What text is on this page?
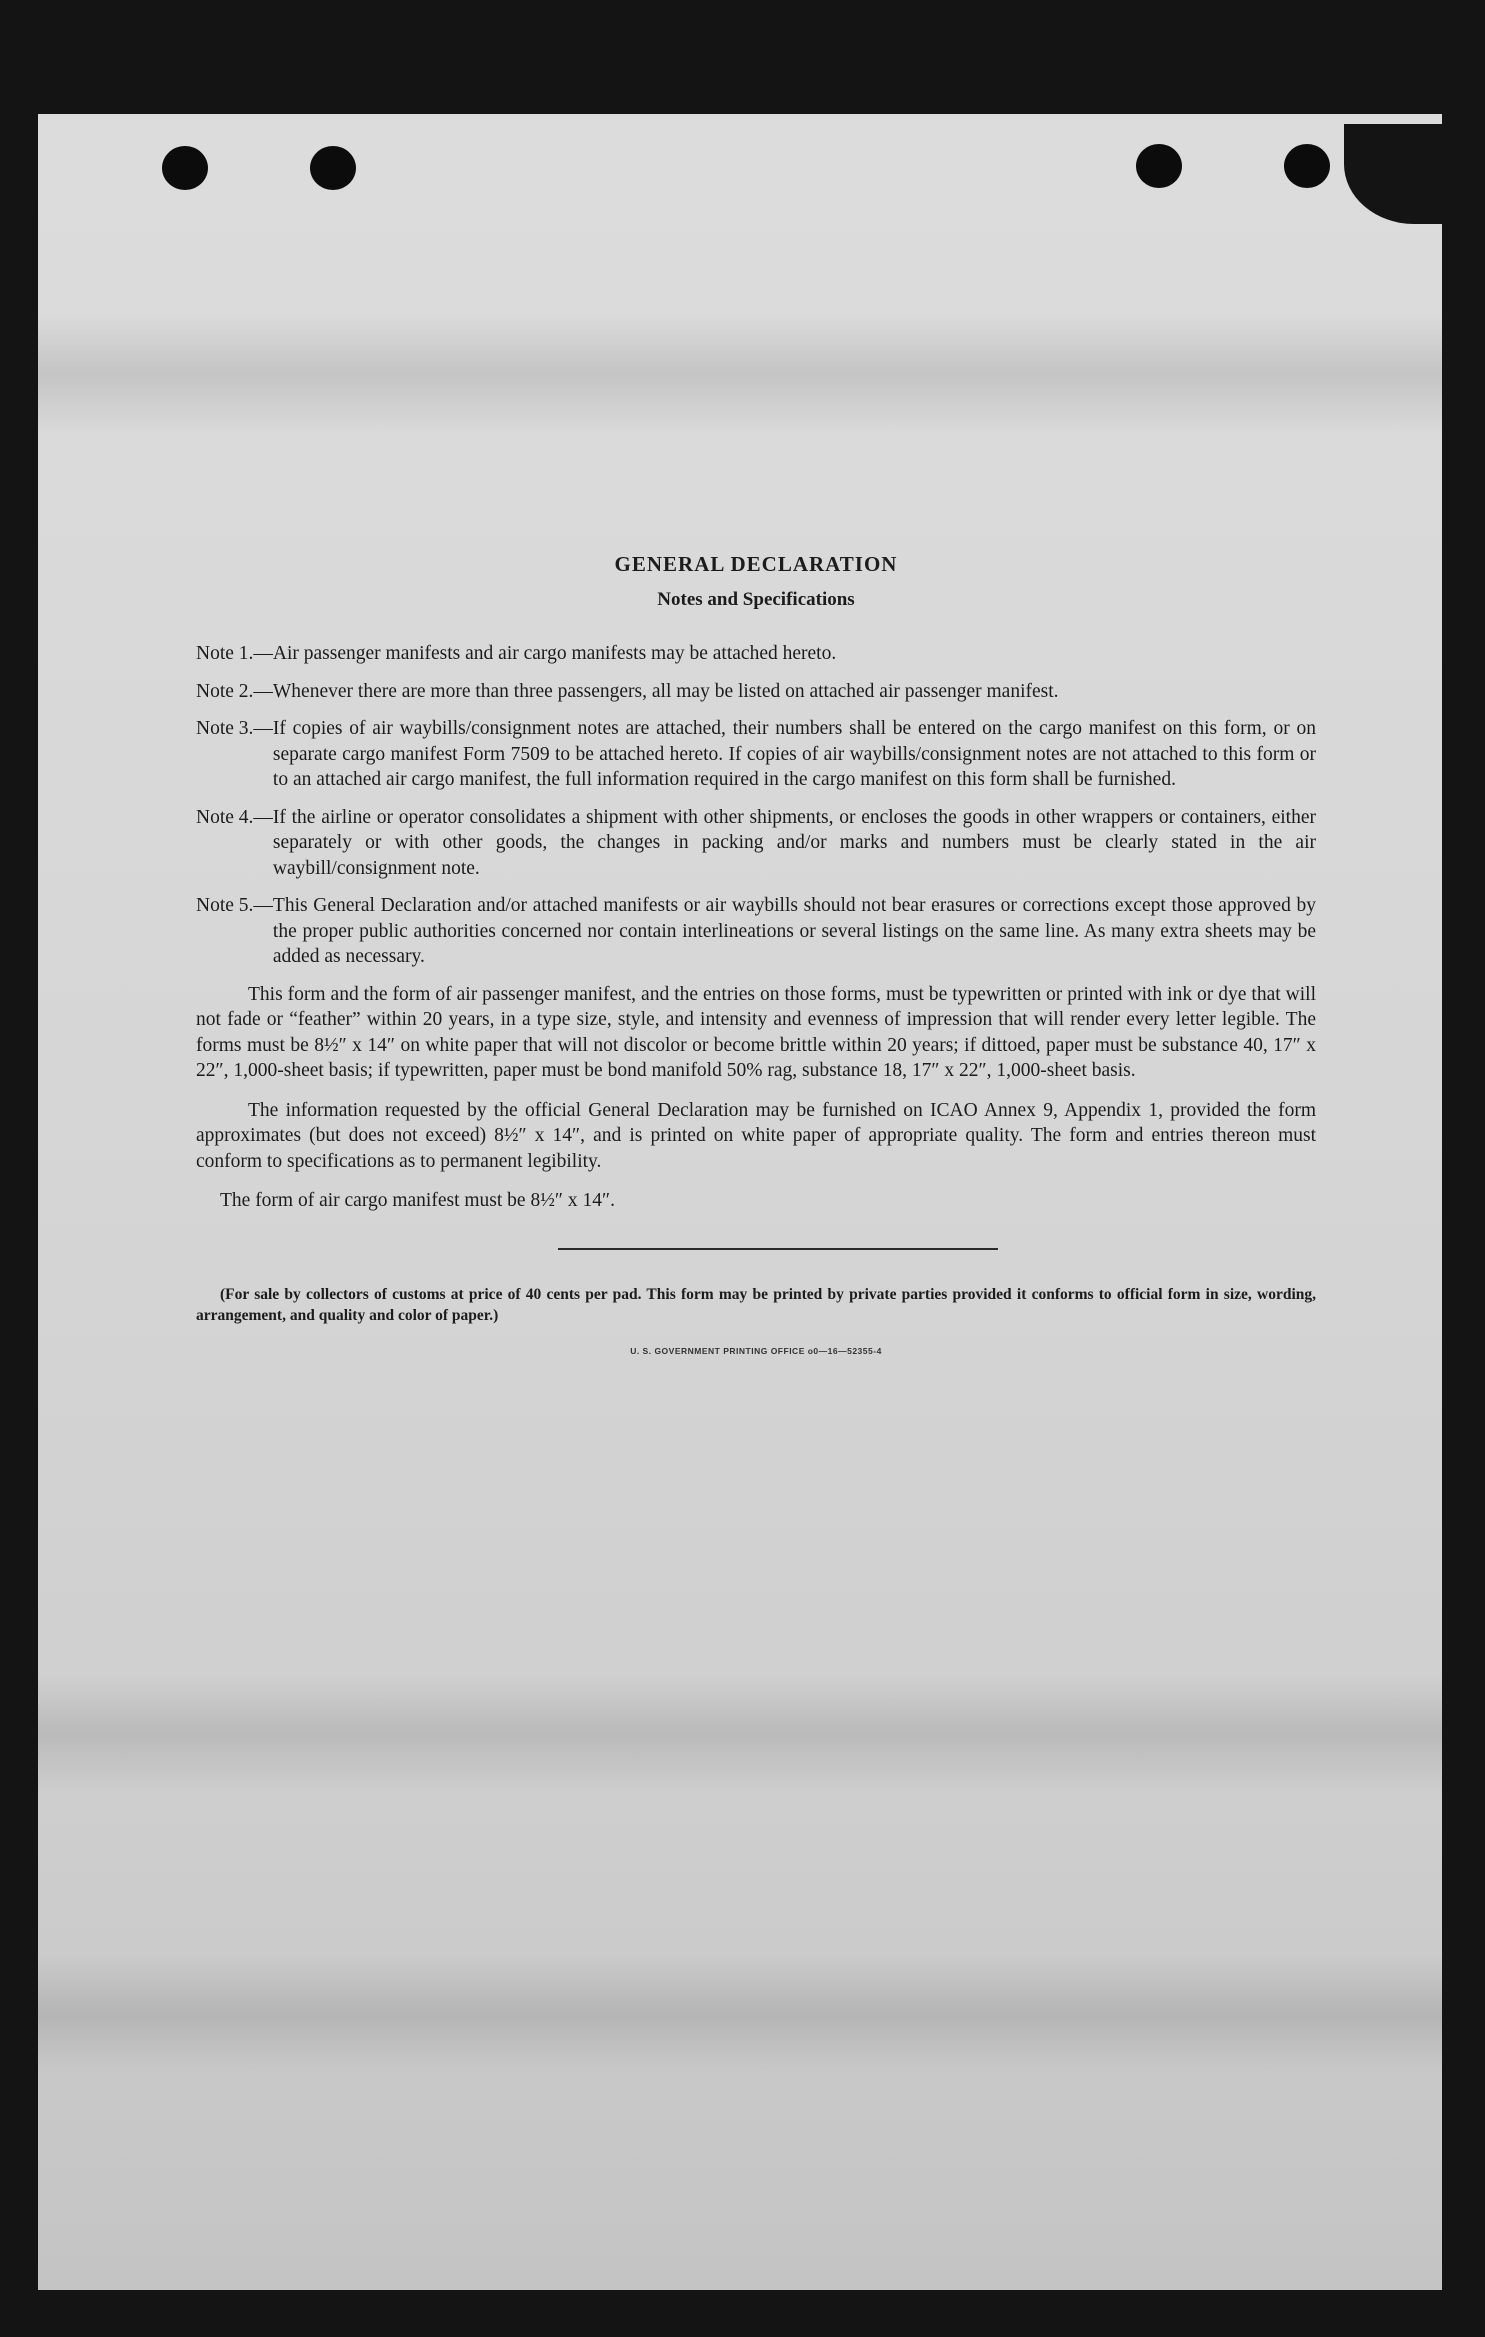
GENERAL DECLARATION
Notes and Specifications
Note 1.— Air passenger manifests and air cargo manifests may be attached hereto.
Note 2.— Whenever there are more than three passengers, all may be listed on attached air passenger manifest.
Note 3.— If copies of air waybills/consignment notes are attached, their numbers shall be entered on the cargo manifest on this form, or on separate cargo manifest Form 7509 to be attached hereto. If copies of air waybills/consignment notes are not attached to this form or to an attached air cargo manifest, the full information required in the cargo manifest on this form shall be furnished.
Note 4.— If the airline or operator consolidates a shipment with other shipments, or encloses the goods in other wrappers or containers, either separately or with other goods, the changes in packing and/or marks and numbers must be clearly stated in the air waybill/consignment note.
Note 5.— This General Declaration and/or attached manifests or air waybills should not bear erasures or corrections except those approved by the proper public authorities concerned nor contain interlineations or several listings on the same line. As many extra sheets may be added as necessary.

This form and the form of air passenger manifest, and the entries on those forms, must be typewritten or printed with ink or dye that will not fade or “feather” within 20 years, in a type size, style, and intensity and evenness of impression that will render every letter legible. The forms must be 8½″ x 14″ on white paper that will not discolor or become brittle within 20 years; if dittoed, paper must be substance 40, 17″ x 22″, 1,000-sheet basis; if typewritten, paper must be bond manifold 50% rag, substance 18, 17″ x 22″, 1,000-sheet basis.

The information requested by the official General Declaration may be furnished on ICAO Annex 9, Appendix 1, provided the form approximates (but does not exceed) 8½″ x 14″, and is printed on white paper of appropriate quality. The form and entries thereon must conform to specifications as to permanent legibility.

The form of air cargo manifest must be 8½″ x 14″.

(For sale by collectors of customs at price of 40 cents per pad. This form may be printed by private parties provided it conforms to official form in size, wording, arrangement, and quality and color of paper.)

U. S. GOVERNMENT PRINTING OFFICE o0—16—52355-4
